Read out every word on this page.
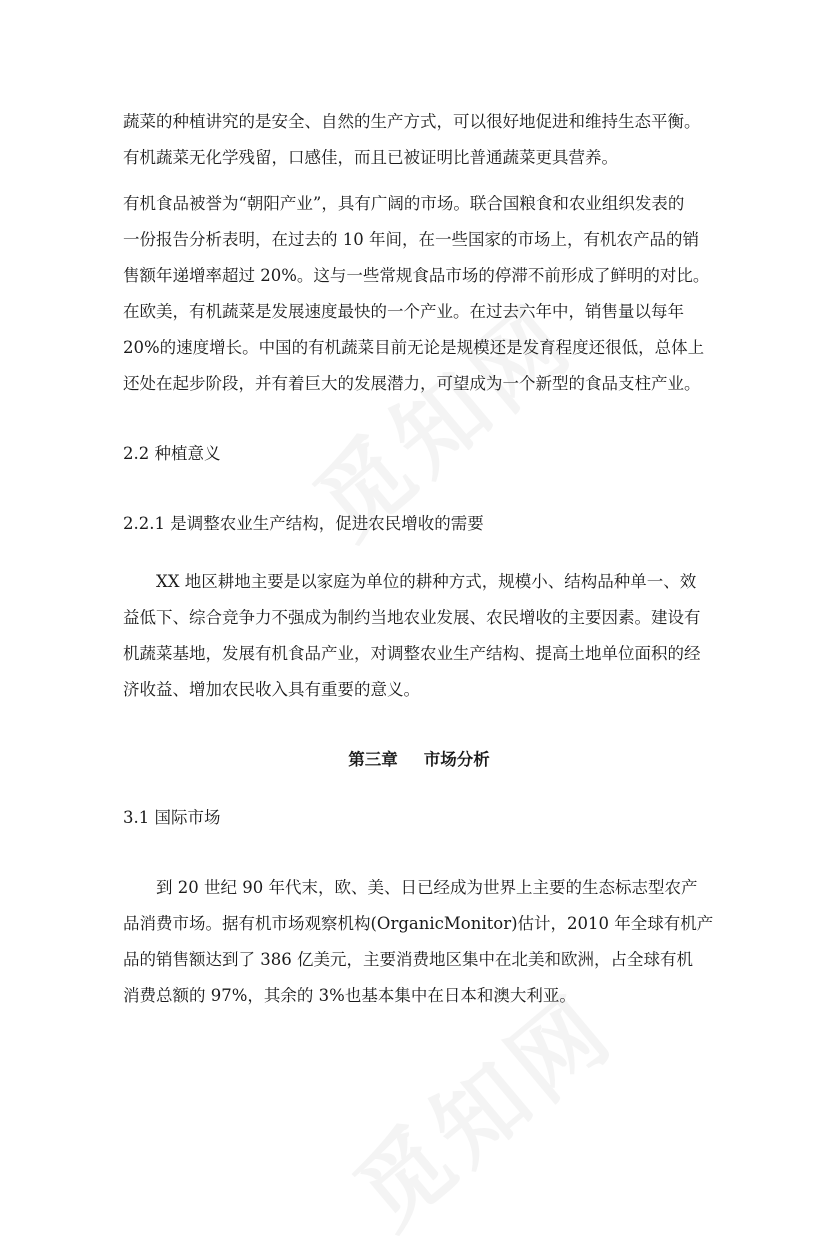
蔬菜的种植讲究的是安全、自然的生产方式，可以很好地促进和维持生态平衡。
有机蔬菜无化学残留，口感佳，而且已被证明比普通蔬菜更具营养。
有机食品被誉为“朝阳产业”，具有广阔的市场。联合国粮食和农业组织发表的
一份报告分析表明，在过去的 10 年间，在一些国家的市场上，有机农产品的销
售额年递增率超过 20%。这与一些常规食品市场的停滞不前形成了鲜明的对比。
在欧美，有机蔬菜是发展速度最快的一个产业。在过去六年中，销售量以每年
20%的速度增长。中国的有机蔬菜目前无论是规模还是发育程度还很低，总体上
还处在起步阶段，并有着巨大的发展潜力，可望成为一个新型的食品支柱产业。
2.2 种植意义
2.2.1 是调整农业生产结构，促进农民增收的需要
XX 地区耕地主要是以家庭为单位的耕种方式，规模小、结构品种单一、效
益低下、综合竞争力不强成为制约当地农业发展、农民增收的主要因素。建设有
机蔬菜基地，发展有机食品产业，对调整农业生产结构、提高土地单位面积的经
济收益、增加农民收入具有重要的意义。
第三章 市场分析
3.1 国际市场
到 20 世纪 90 年代末，欧、美、日已经成为世界上主要的生态标志型农产
品消费市场。据有机市场观察机构(OrganicMonitor)估计，2010 年全球有机产
品的销售额达到了 386 亿美元，主要消费地区集中在北美和欧洲，占全球有机
消费总额的 97%，其余的 3%也基本集中在日本和澳大利亚。
